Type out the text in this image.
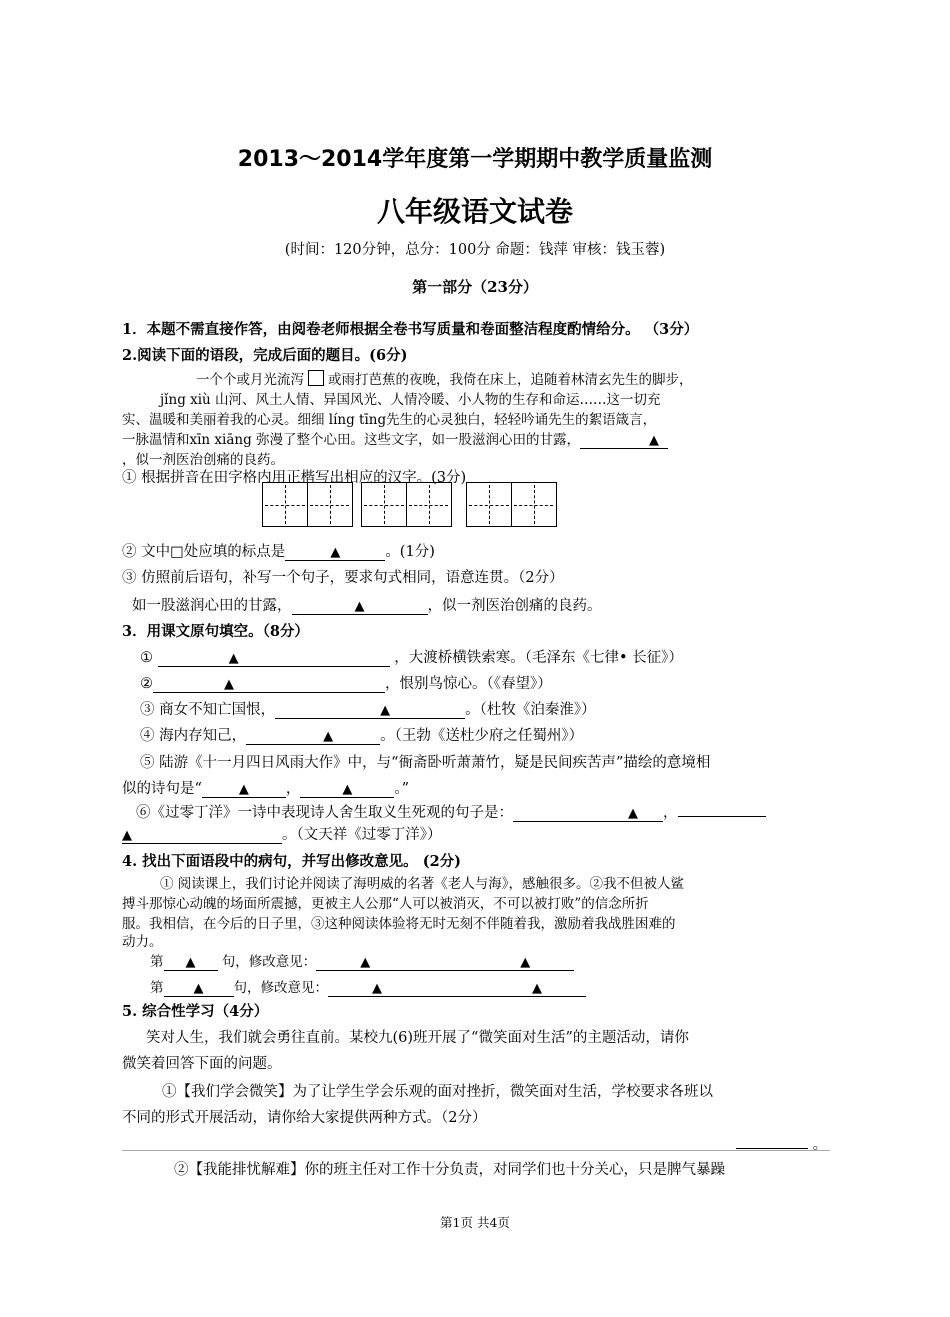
2013～2014学年度第一学期期中教学质量监测
八年级语文试卷
(时间：120分钟，总分：100分 命题：钱萍 审核：钱玉蓉)
第一部分（23分）
1．本题不需直接作答，由阅卷老师根据全卷书写质量和卷面整洁程度酌情给分。 （3分）
2.阅读下面的语段，完成后面的题目。(6分)
一个个或月光流泻 或雨打芭蕉的夜晚，我倚在床上，追随着林清玄先生的脚步，
jǐng xiù 山河、风土人情、异国风光、人情冷暖、小人物的生存和命运……这一切充
实、温暖和美丽着我的心灵。细细 líng tīng先生的心灵独白，轻轻吟诵先生的絮语箴言，
一脉温情和xīn xiāng 弥漫了整个心田。这些文字，如一股滋润心田的甘露，	▲
，似一剂医治创痛的良药。
① 根据拼音在田字格内用正楷写出相应的汉字。(3分)
② 文中□处应填的标点是	▲	。(1分)
③ 仿照前后语句，补写一个句子，要求句式相同，语意连贯。（2分）
如一股滋润心田的甘露，	▲	，似一剂医治创痛的良药。
3．用课文原句填空。（8分）
①	▲	，大渡桥横铁索寒。（毛泽东《七律• 长征》）
②	▲	，恨别鸟惊心。（《春望》）
③ 商女不知亡国恨，	▲	。（杜牧《泊秦淮》）
④ 海内存知己，	▲	。（王勃《送杜少府之任蜀州》）
⑤ 陆游《十一月四日风雨大作》中，与“衙斋卧听萧萧竹，疑是民间疾苦声”描绘的意境相
似的诗句是“	▲	，	▲	。”
⑥《过零丁洋》一诗中表现诗人舍生取义生死观的句子是：	▲ ，
▲	。（文天祥《过零丁洋》）
4. 找出下面语段中的病句，并写出修改意见。 (2分)
① 阅读课上，我们讨论并阅读了海明威的名著《老人与海》，感触很多。②我不但被人鲨
搏斗那惊心动魄的场面所震撼，更被主人公那“人可以被消灭，不可以被打败”的信念所折
服。我相信，在今后的日子里，③这种阅读体验将无时无刻不伴随着我，激励着我战胜困难的
动力。
第 ▲ 句，修改意见：	▲	▲
第 ▲ 句，修改意见：	▲	▲
5. 综合性学习（4分）
笑对人生，我们就会勇往直前。某校九(6)班开展了“微笑面对生活”的主题活动，请你
微笑着回答下面的问题。
①【我们学会微笑】为了让学生学会乐观的面对挫折，微笑面对生活，学校要求各班以
不同的形式开展活动，请你给大家提供两种方式。（2分）
。
②【我能排忧解难】你的班主任对工作十分负责，对同学们也十分关心，只是脾气暴躁
第1页 共4页
